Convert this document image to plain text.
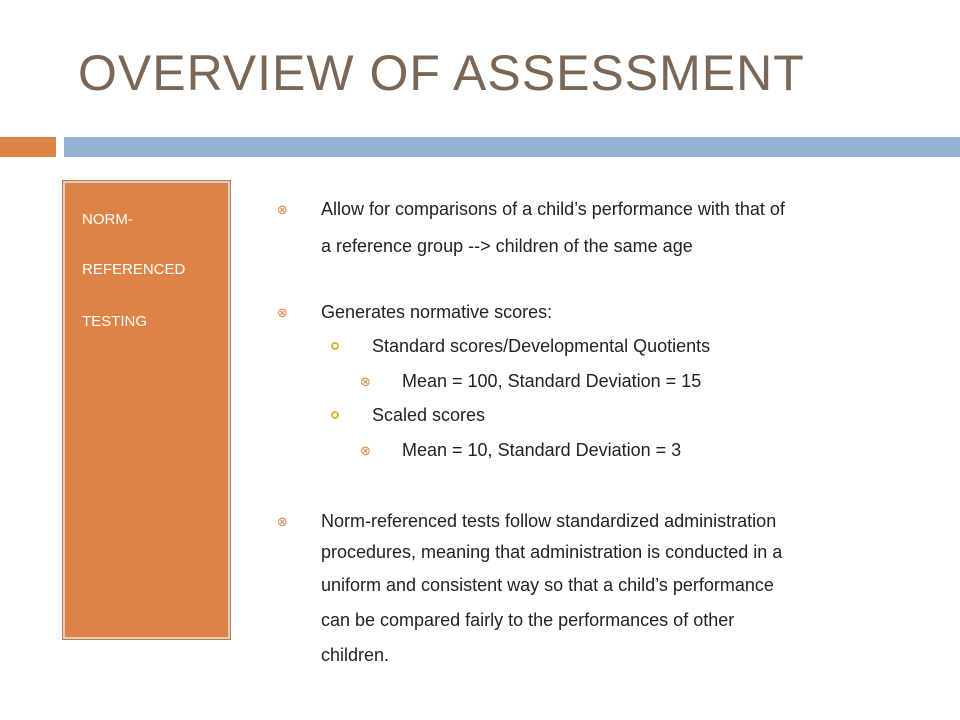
OVERVIEW OF ASSESSMENT
NORM-
REFERENCED
TESTING
⊗ Allow for comparisons of a child’s performance with that of
a reference group --> children of the same age
⊗ Generates normative scores:
Standard scores/Developmental Quotients
⊗ Mean = 100, Standard Deviation = 15
Scaled scores
⊗ Mean = 10, Standard Deviation = 3
⊗ Norm-referenced tests follow standardized administration
procedures, meaning that administration is conducted in a
uniform and consistent way so that a child’s performance
can be compared fairly to the performances of other
children.
